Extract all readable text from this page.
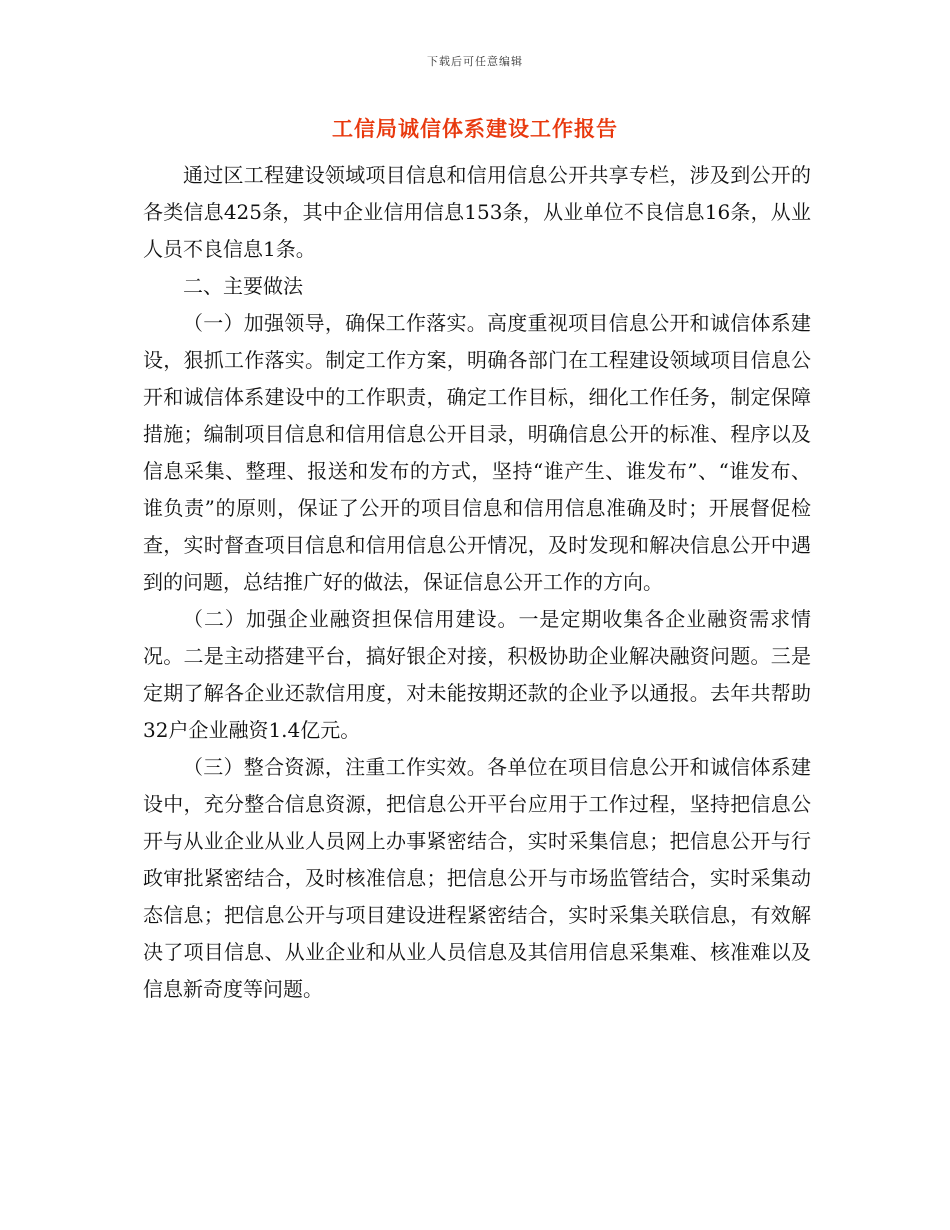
下载后可任意编辑
工信局诚信体系建设工作报告

通过区工程建设领域项目信息和信用信息公开共享专栏，涉及到公开的各类信息425条，其中企业信用信息153条，从业单位不良信息16条，从业人员不良信息1条。

二、主要做法

（一）加强领导，确保工作落实。高度重视项目信息公开和诚信体系建设，狠抓工作落实。制定工作方案，明确各部门在工程建设领域项目信息公开和诚信体系建设中的工作职责，确定工作目标，细化工作任务，制定保障措施；编制项目信息和信用信息公开目录，明确信息公开的标准、程序以及信息采集、整理、报送和发布的方式，坚持“谁产生、谁发布”、“谁发布、谁负责”的原则，保证了公开的项目信息和信用信息准确及时；开展督促检查，实时督查项目信息和信用信息公开情况，及时发现和解决信息公开中遇到的问题，总结推广好的做法，保证信息公开工作的方向。

（二）加强企业融资担保信用建设。一是定期收集各企业融资需求情况。二是主动搭建平台，搞好银企对接，积极协助企业解决融资问题。三是定期了解各企业还款信用度，对未能按期还款的企业予以通报。去年共帮助32户企业融资1.4亿元。

（三）整合资源，注重工作实效。各单位在项目信息公开和诚信体系建设中，充分整合信息资源，把信息公开平台应用于工作过程，坚持把信息公开与从业企业从业人员网上办事紧密结合，实时采集信息；把信息公开与行政审批紧密结合，及时核准信息；把信息公开与市场监管结合，实时采集动态信息；把信息公开与项目建设进程紧密结合，实时采集关联信息，有效解决了项目信息、从业企业和从业人员信息及其信用信息采集难、核准难以及信息新奇度等问题。
